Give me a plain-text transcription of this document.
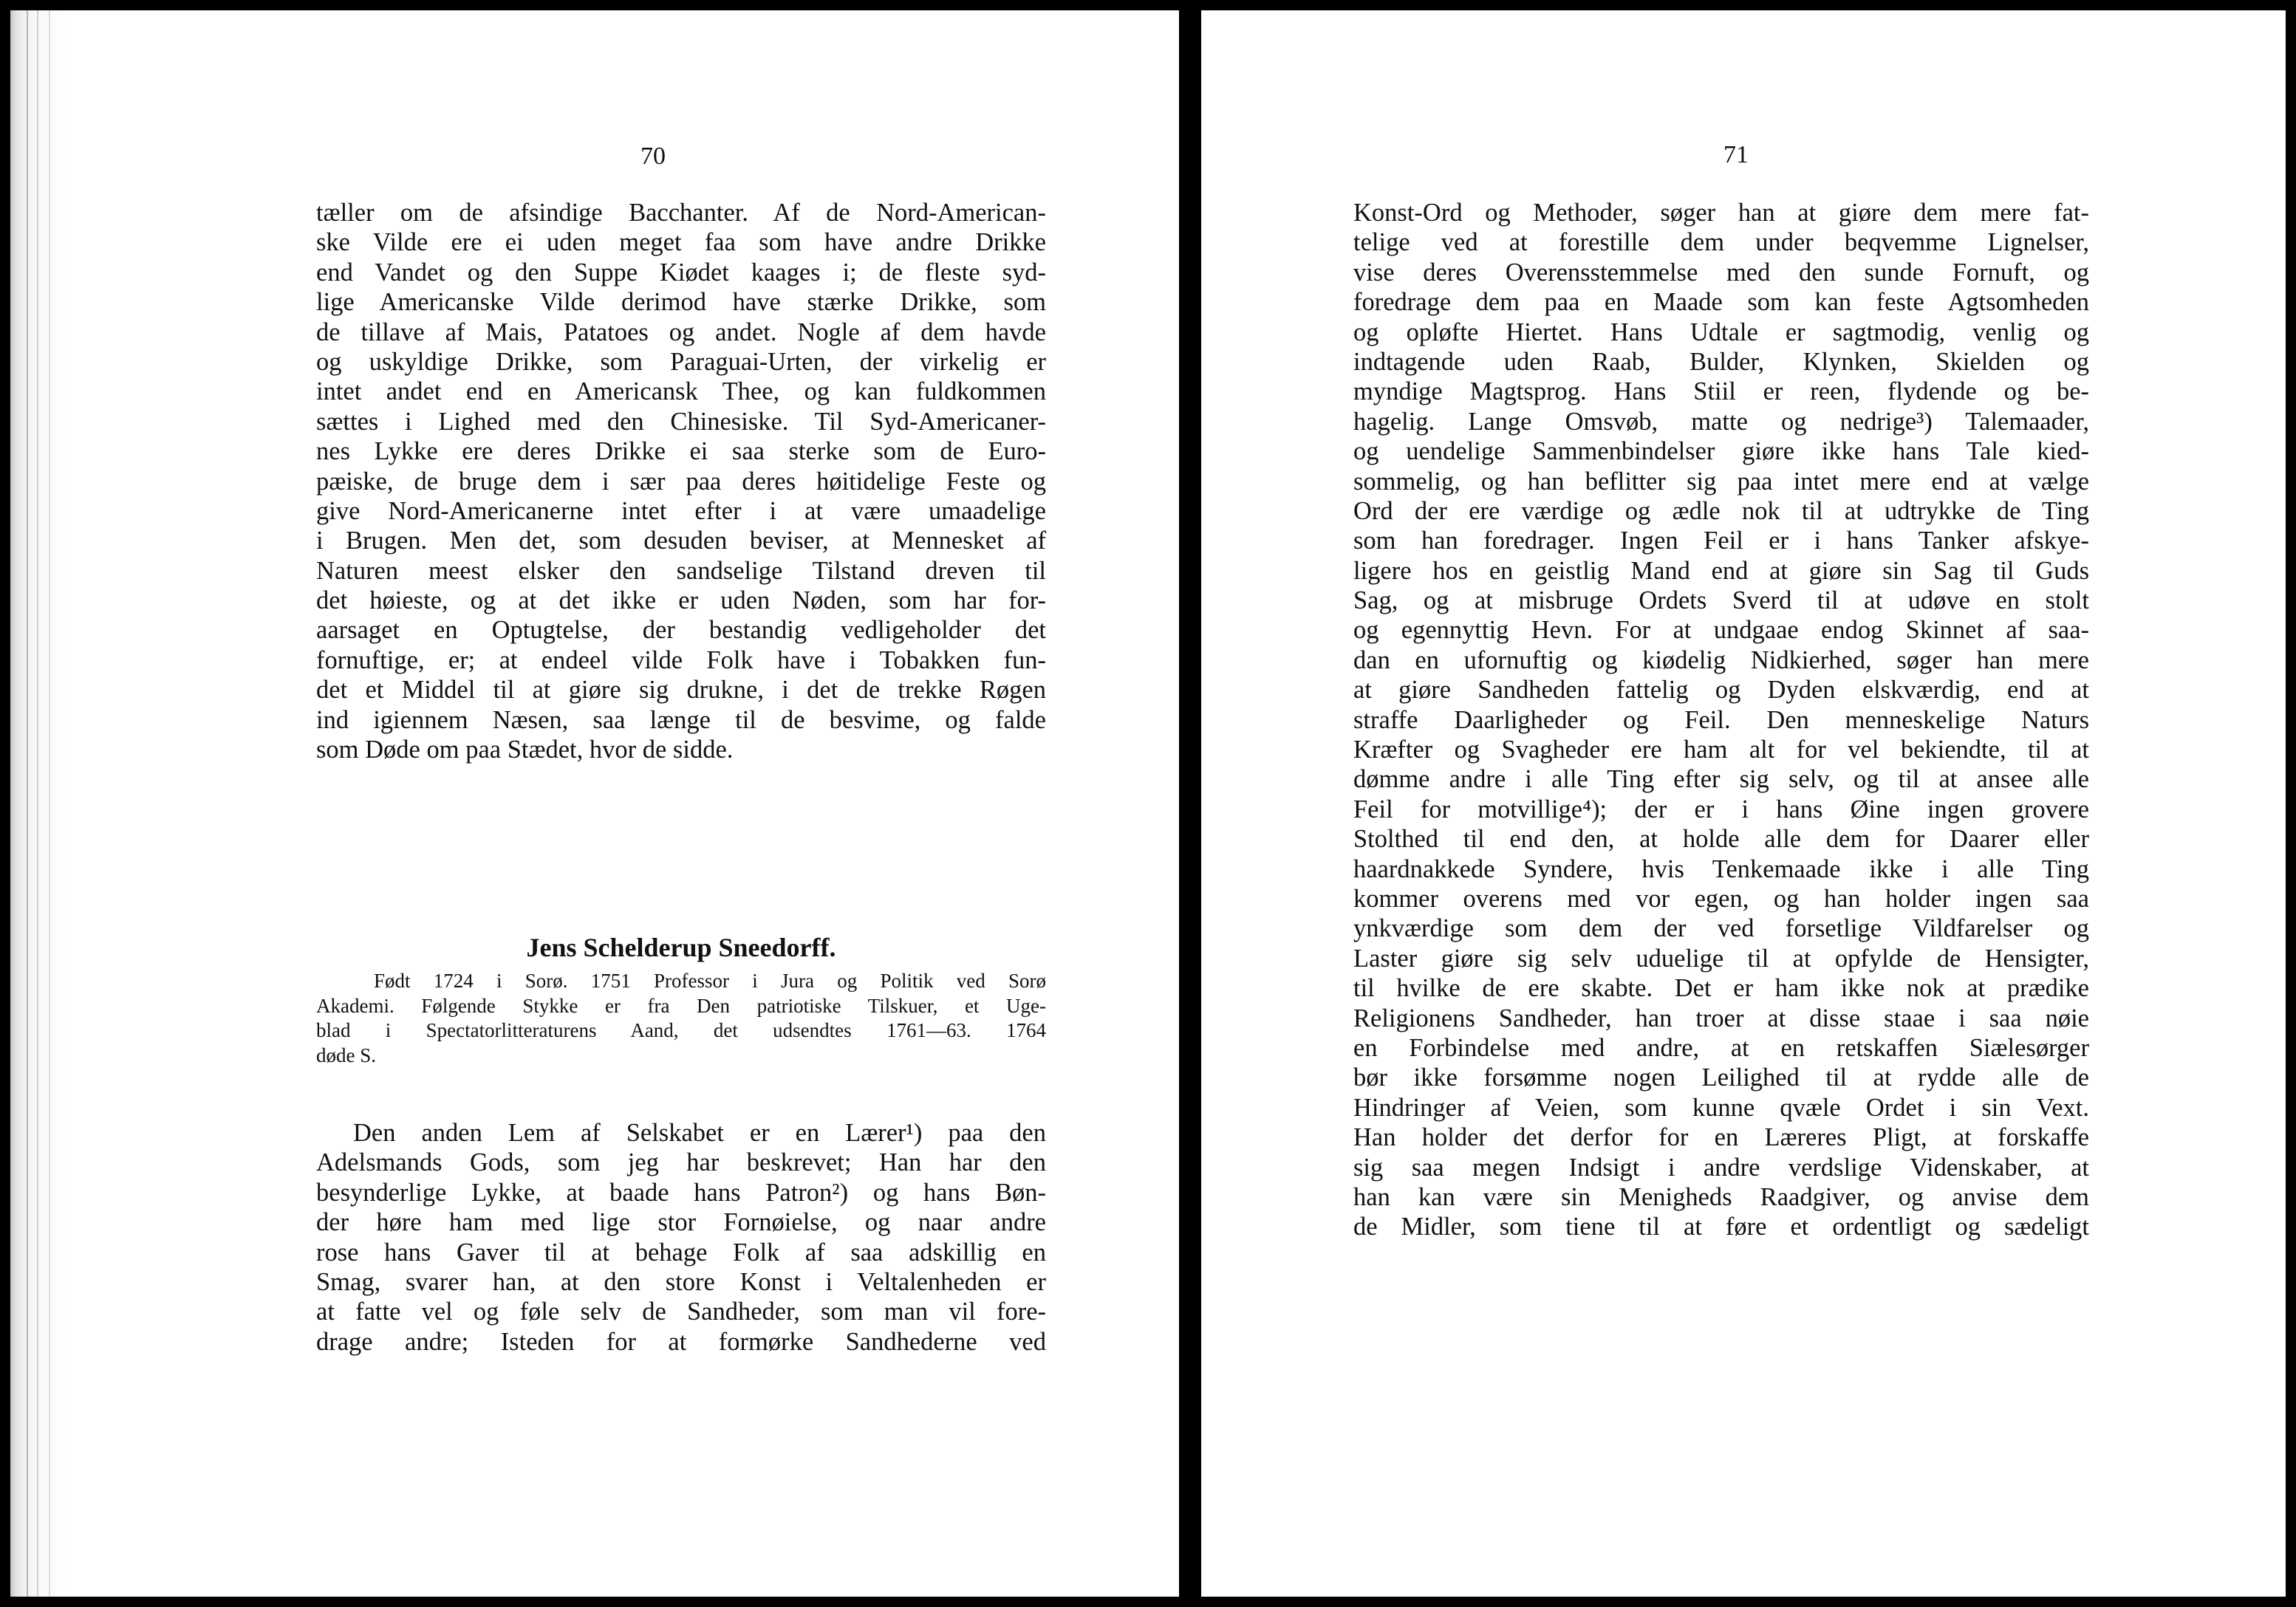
70
tæller om de afsindige Bacchanter. Af de Nord-American-
ske Vilde ere ei uden meget faa som have andre Drikke
end Vandet og den Suppe Kiødet kaages i; de fleste syd-
lige Americanske Vilde derimod have stærke Drikke, som
de tillave af Mais, Patatoes og andet. Nogle af dem havde
og uskyldige Drikke, som Paraguai-Urten, der virkelig er
intet andet end en Americansk Thee, og kan fuldkommen
sættes i Lighed med den Chinesiske. Til Syd-Americaner-
nes Lykke ere deres Drikke ei saa sterke som de Euro-
pæiske, de bruge dem i sær paa deres høitidelige Feste og
give Nord-Americanerne intet efter i at være umaadelige
i Brugen. Men det, som desuden beviser, at Mennesket af
Naturen meest elsker den sandselige Tilstand dreven til
det høieste, og at det ikke er uden Nøden, som har for-
aarsaget en Optugtelse, der bestandig vedligeholder det
fornuftige, er; at endeel vilde Folk have i Tobakken fun-
det et Middel til at giøre sig drukne, i det de trekke Røgen
ind igiennem Næsen, saa længe til de besvime, og falde
som Døde om paa Stædet, hvor de sidde.
Jens Schelderup Sneedorff.
Født 1724 i Sorø. 1751 Professor i Jura og Politik ved Sorø
Akademi. Følgende Stykke er fra Den patriotiske Tilskuer, et Uge-
blad i Spectatorlitteraturens Aand, det udsendtes 1761—63. 1764
døde S.
Den anden Lem af Selskabet er en Lærer¹) paa den
Adelsmands Gods, som jeg har beskrevet; Han har den
besynderlige Lykke, at baade hans Patron²) og hans Bøn-
der høre ham med lige stor Fornøielse, og naar andre
rose hans Gaver til at behage Folk af saa adskillig en
Smag, svarer han, at den store Konst i Veltalenheden er
at fatte vel og føle selv de Sandheder, som man vil fore-
drage andre; Isteden for at formørke Sandhederne ved
71
Konst-Ord og Methoder, søger han at giøre dem mere fat-
telige ved at forestille dem under beqvemme Lignelser,
vise deres Overensstemmelse med den sunde Fornuft, og
foredrage dem paa en Maade som kan feste Agtsomheden
og opløfte Hiertet. Hans Udtale er sagtmodig, venlig og
indtagende uden Raab, Bulder, Klynken, Skielden og
myndige Magtsprog. Hans Stiil er reen, flydende og be-
hagelig. Lange Omsvøb, matte og nedrige³) Talemaader,
og uendelige Sammenbindelser giøre ikke hans Tale kied-
sommelig, og han beflitter sig paa intet mere end at vælge
Ord der ere værdige og ædle nok til at udtrykke de Ting
som han foredrager. Ingen Feil er i hans Tanker afskye-
ligere hos en geistlig Mand end at giøre sin Sag til Guds
Sag, og at misbruge Ordets Sverd til at udøve en stolt
og egennyttig Hevn. For at undgaae endog Skinnet af saa-
dan en ufornuftig og kiødelig Nidkierhed, søger han mere
at giøre Sandheden fattelig og Dyden elskværdig, end at
straffe Daarligheder og Feil. Den menneskelige Naturs
Kræfter og Svagheder ere ham alt for vel bekiendte, til at
dømme andre i alle Ting efter sig selv, og til at ansee alle
Feil for motvillige⁴); der er i hans Øine ingen grovere
Stolthed til end den, at holde alle dem for Daarer eller
haardnakkede Syndere, hvis Tenkemaade ikke i alle Ting
kommer overens med vor egen, og han holder ingen saa
ynkværdige som dem der ved forsetlige Vildfarelser og
Laster giøre sig selv uduelige til at opfylde de Hensigter,
til hvilke de ere skabte. Det er ham ikke nok at prædike
Religionens Sandheder, han troer at disse staae i saa nøie
en Forbindelse med andre, at en retskaffen Siælesørger
bør ikke forsømme nogen Leilighed til at rydde alle de
Hindringer af Veien, som kunne qvæle Ordet i sin Vext.
Han holder det derfor for en Læreres Pligt, at forskaffe
sig saa megen Indsigt i andre verdslige Videnskaber, at
han kan være sin Menigheds Raadgiver, og anvise dem
de Midler, som tiene til at føre et ordentligt og sædeligt
